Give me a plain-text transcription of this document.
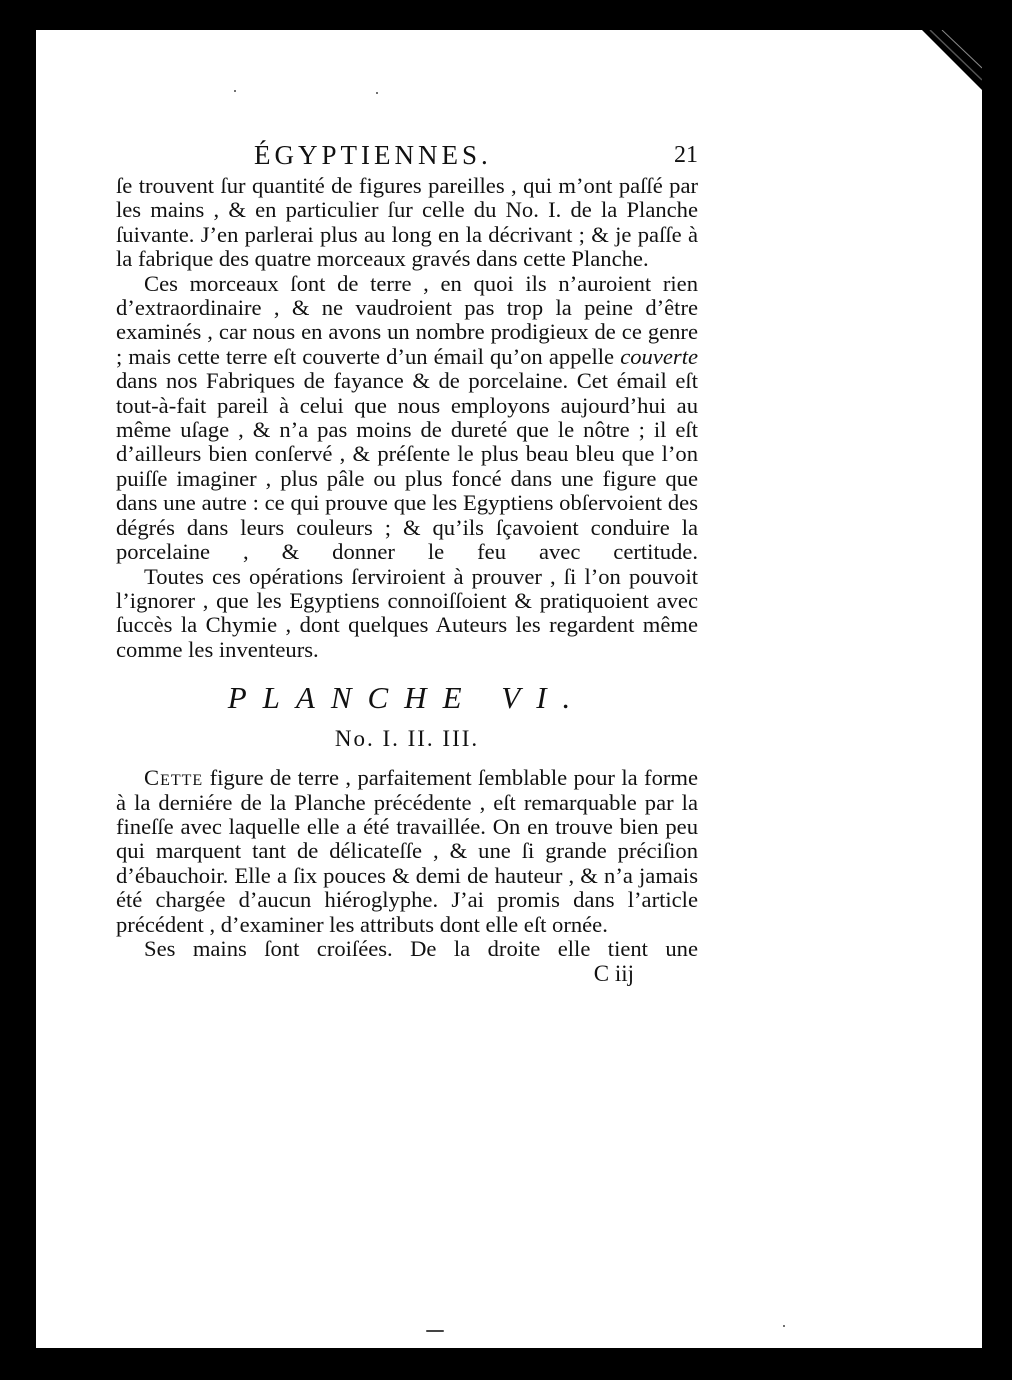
ÉGYPTIENNES.	21

ſe trouvent ſur quantité de figures pareilles , qui m’ont paſſé par les mains , & en particulier ſur celle du No. I. de la Planche ſuivante. J’en parlerai plus au long en la décrivant ; & je paſſe à la fabrique des quatre morceaux gravés dans cette Planche.

Ces morceaux ſont de terre , en quoi ils n’auroient rien d’extraordinaire , & ne vaudroient pas trop la peine d’être examinés , car nous en avons un nombre prodigieux de ce genre ; mais cette terre eſt couverte d’un émail qu’on appelle couverte dans nos Fabriques de fayance & de porcelaine. Cet émail eſt tout-à-fait pareil à celui que nous employons aujourd’hui au même uſage , & n’a pas moins de dureté que le nôtre ; il eſt d’ailleurs bien conſervé , & préſente le plus beau bleu que l’on puiſſe imaginer , plus pâle ou plus foncé dans une figure que dans une autre : ce qui prouve que les Egyptiens obſervoient des dégrés dans leurs couleurs ; & qu’ils ſçavoient conduire la porcelaine , & donner le feu avec certitude.

Toutes ces opérations ſerviroient à prouver , ſi l’on pouvoit l’ignorer , que les Egyptiens connoiſſoient & pratiquoient avec ſuccès la Chymie , dont quelques Auteurs les regardent même comme les inventeurs.

PLANCHE VI.
No. I. II. III.

Cette figure de terre , parfaitement ſemblable pour la forme à la derniére de la Planche précédente , eſt remarquable par la fineſſe avec laquelle elle a été travaillée. On en trouve bien peu qui marquent tant de délicateſſe , & une ſi grande préciſion d’ébauchoir. Elle a ſix pouces & demi de hauteur , & n’a jamais été chargée d’aucun hiéroglyphe. J’ai promis dans l’article précédent , d’examiner les attributs dont elle eſt ornée.

Ses mains ſont croiſées. De la droite elle tient une

C iij
